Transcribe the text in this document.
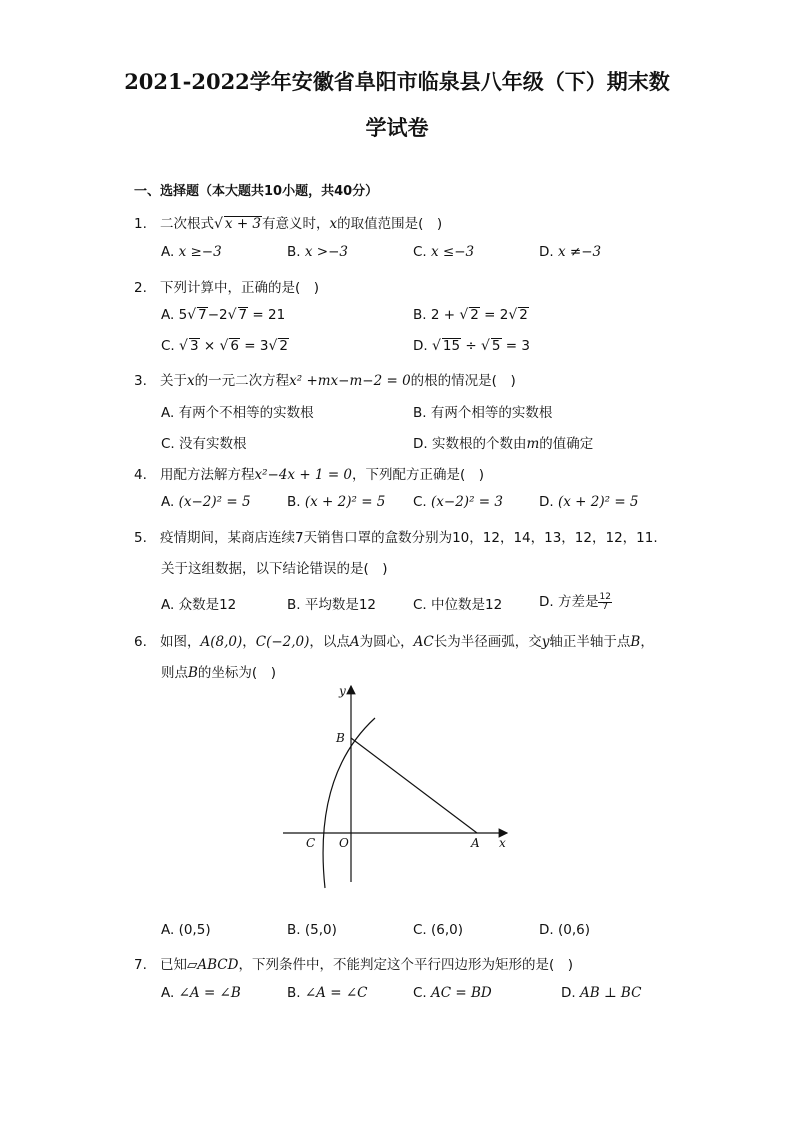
2021-2022学年安徽省阜阳市临泉县八年级（下）期末数
学试卷
一、选择题（本大题共10小题，共40分）
1. 二次根式√ x + 3有意义时，x的取值范围是(　)
A. x ≥−3	B. x >−3	C. x ≤−3	D. x ≠−3
2. 下列计算中，正确的是(　)
A. 5√ 7−2√ 7 = 21	B. 2 + √ 2 = 2√ 2
C. √ 3 × √ 6 = 3√ 2	D. √ 15 ÷ √ 5 = 3
3. 关于x的一元二次方程x² +mx−m−2 = 0的根的情况是(　)
A. 有两个不相等的实数根	B. 有两个相等的实数根
C. 没有实数根	D. 实数根的个数由m的值确定
4. 用配方法解方程x²−4x + 1 = 0，下列配方正确是(　)
A. (x−2)² = 5	B. (x + 2)² = 5 C. (x−2)² = 3	D. (x + 2)² = 5
5. 疫情期间，某商店连续7天销售口罩的盒数分别为10，12，14，13，12，12，11.
关于这组数据，以下结论错误的是(　)
A. 众数是12	B. 平均数是12	C. 中位数是12	D. 方差是 $\frac{12}{7}$
6. 如图，A(8,0)，C(−2,0)，以点A为圆心，AC长为半径画弧，交y轴正半轴于点B，
则点B的坐标为(　)
y
B
C O	A x
A. (0,5)	B. (5,0)	C. (6,0)	D. (0,6)
7. 已知▱ABCD，下列条件中，不能判定这个平行四边形为矩形的是(　)
A. ∠A = ∠B	B. ∠A = ∠C	C. AC = BD	D. AB ⊥ BC
